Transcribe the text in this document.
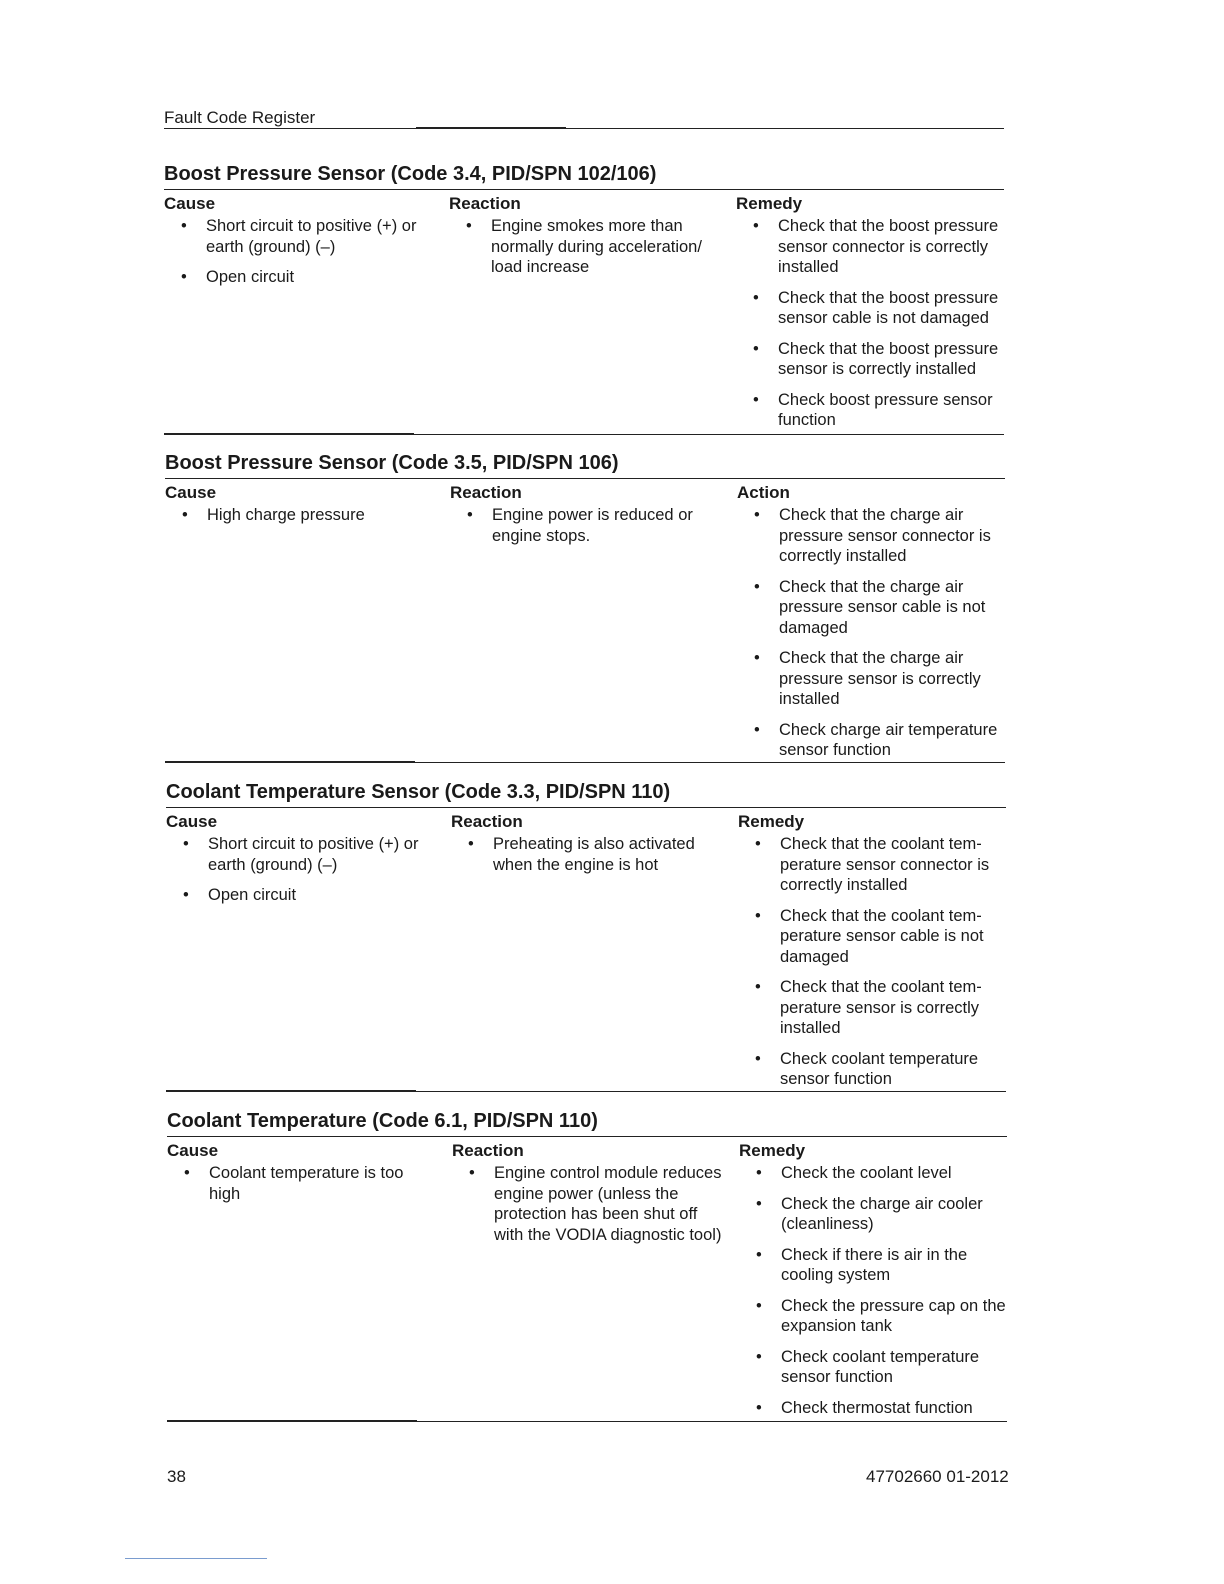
Fault Code Register
Boost Pressure Sensor (Code 3.4, PID/SPN 102/106)
Cause
• Short circuit to positive (+) or earth (ground) (–)
• Open circuit
Reaction
• Engine smokes more than normally during acceleration/ load increase
Remedy
• Check that the boost pressure sensor connector is correctly installed
• Check that the boost pressure sensor cable is not damaged
• Check that the boost pressure sensor is correctly installed
• Check boost pressure sensor function
Boost Pressure Sensor (Code 3.5, PID/SPN 106)
Cause
• High charge pressure
Reaction
• Engine power is reduced or engine stops.
Action
• Check that the charge air pressure sensor connector is correctly installed
• Check that the charge air pressure sensor cable is not damaged
• Check that the charge air pressure sensor is correctly installed
• Check charge air temperature sensor function
Coolant Temperature Sensor (Code 3.3, PID/SPN 110)
Cause
• Short circuit to positive (+) or earth (ground) (–)
• Open circuit
Reaction
• Preheating is also activated when the engine is hot
Remedy
• Check that the coolant tem-perature sensor connector is correctly installed
• Check that the coolant tem-perature sensor cable is not damaged
• Check that the coolant tem-perature sensor is correctly installed
• Check coolant temperature sensor function
Coolant Temperature (Code 6.1, PID/SPN 110)
Cause
• Coolant temperature is too high
Reaction
• Engine control module reduces engine power (unless the protection has been shut off with the VODIA diagnostic tool)
Remedy
• Check the coolant level
• Check the charge air cooler (cleanliness)
• Check if there is air in the cooling system
• Check the pressure cap on the expansion tank
• Check coolant temperature sensor function
• Check thermostat function
38	47702660 01-2012
